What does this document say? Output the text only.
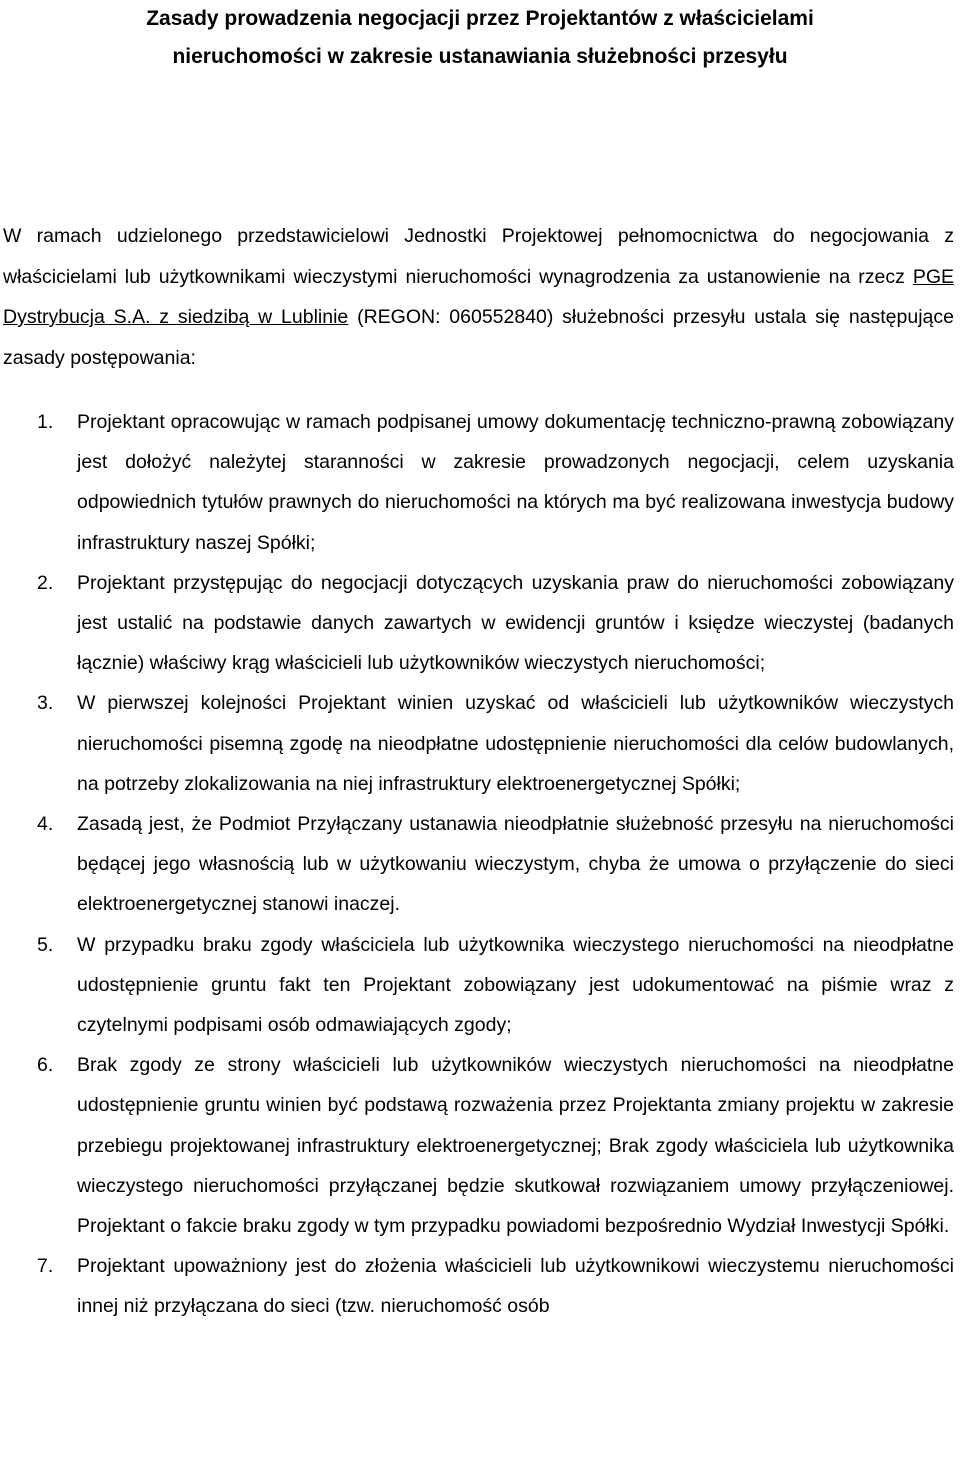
Zasady prowadzenia negocjacji przez Projektantów z właścicielami
nieruchomości w zakresie ustanawiania służebności przesyłu

W ramach udzielonego przedstawicielowi Jednostki Projektowej pełnomocnictwa do negocjowania z właścicielami lub użytkownikami wieczystymi nieruchomości wynagrodzenia za ustanowienie na rzecz PGE Dystrybucja S.A. z siedzibą w Lublinie (REGON: 060552840) służebności przesyłu ustala się następujące zasady postępowania:

1. Projektant opracowując w ramach podpisanej umowy dokumentację techniczno-prawną zobowiązany jest dołożyć należytej staranności w zakresie prowadzonych negocjacji, celem uzyskania odpowiednich tytułów prawnych do nieruchomości na których ma być realizowana inwestycja budowy infrastruktury naszej Spółki;
2. Projektant przystępując do negocjacji dotyczących uzyskania praw do nieruchomości zobowiązany jest ustalić na podstawie danych zawartych w ewidencji gruntów i księdze wieczystej (badanych łącznie) właściwy krąg właścicieli lub użytkowników wieczystych nieruchomości;
3. W pierwszej kolejności Projektant winien uzyskać od właścicieli lub użytkowników wieczystych nieruchomości pisemną zgodę na nieodpłatne udostępnienie nieruchomości dla celów budowlanych, na potrzeby zlokalizowania na niej infrastruktury elektroenergetycznej Spółki;
4. Zasadą jest, że Podmiot Przyłączany ustanawia nieodpłatnie służebność przesyłu na nieruchomości będącej jego własnością lub w użytkowaniu wieczystym, chyba że umowa o przyłączenie do sieci elektroenergetycznej stanowi inaczej.
5. W przypadku braku zgody właściciela lub użytkownika wieczystego nieruchomości na nieodpłatne udostępnienie gruntu fakt ten Projektant zobowiązany jest udokumentować na piśmie wraz z czytelnymi podpisami osób odmawiających zgody;
6. Brak zgody ze strony właścicieli lub użytkowników wieczystych nieruchomości na nieodpłatne udostępnienie gruntu winien być podstawą rozważenia przez Projektanta zmiany projektu w zakresie przebiegu projektowanej infrastruktury elektroenergetycznej; Brak zgody właściciela lub użytkownika wieczystego nieruchomości przyłączanej będzie skutkował rozwiązaniem umowy przyłączeniowej. Projektant o fakcie braku zgody w tym przypadku powiadomi bezpośrednio Wydział Inwestycji Spółki.
7. Projektant upoważniony jest do złożenia właścicieli lub użytkownikowi wieczystemu nieruchomości innej niż przyłączana do sieci (tzw. nieruchomość osób
